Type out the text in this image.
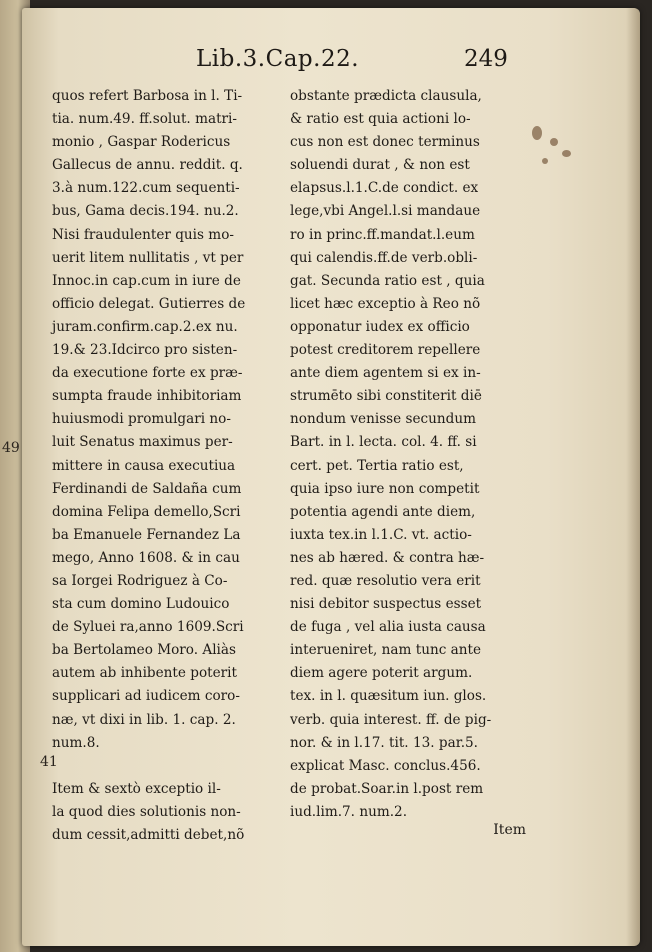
Lib.3.Cap.22.	249
quos refert Barbosa in l. Ti-
tia. num.49. ff.solut. matri-
monio , Gaspar Rodericus
Gallecus de annu. reddit. q.
3.à num.122.cum sequenti-
bus, Gama decis.194. nu.2.
Nisi fraudulenter quis mo-
uerit litem nullitatis , vt per
Innoc.in cap.cum in iure de
officio delegat. Gutierres de
juram.confirm.cap.2.ex nu.
19.& 23.Idcirco pro sisten-
da executione forte ex præ-
sumpta fraude inhibitoriam
huiusmodi promulgari no-
luit Senatus maximus per-
mittere in causa executiua
Ferdinandi de Saldaña cum
domina Felipa demello,Scri
ba Emanuele Fernandez La
mego, Anno 1608. & in cau
sa Iorgei Rodriguez à Co-
sta cum domino Ludouico
de Syluei ra,anno 1609.Scri
ba Bertolameo Moro. Aliàs
autem ab inhibente poterit
supplicari ad iudicem coro-
næ, vt dixi in lib. 1. cap. 2.
num.8.
Item & sextò exceptio il-
la quod dies solutionis non-
dum cessit,admitti debet,nõ
obstante prædicta clausula,
& ratio est quia actioni lo-
cus non est donec terminus
soluendi durat , & non est
elapsus.l.1.C.de condict. ex
lege,vbi Angel.l.si mandaue
ro in princ.ff.mandat.l.eum
qui calendis.ff.de verb.obli-
gat. Secunda ratio est , quia
licet hæc exceptio à Reo nõ
opponatur iudex ex officio
potest creditorem repellere
ante diem agentem si ex in-
strumēto sibi constiterit diē
nondum venisse secundum
Bart. in l. lecta. col. 4. ff. si
cert. pet. Tertia ratio est,
quia ipso iure non competit
potentia agendi ante diem,
iuxta tex.in l.1.C. vt. actio-
nes ab hæred. & contra hæ-
red. quæ resolutio vera erit
nisi debitor suspectus esset
de fuga , vel alia iusta causa
interueniret, nam tunc ante
diem agere poterit argum.
tex. in l. quæsitum iun. glos.
verb. quia interest. ff. de pig-
nor. & in l.17. tit. 13. par.5.
explicat Masc. conclus.456.
de probat.Soar.in l.post rem
iud.lim.7. num.2.
49
41
Item
